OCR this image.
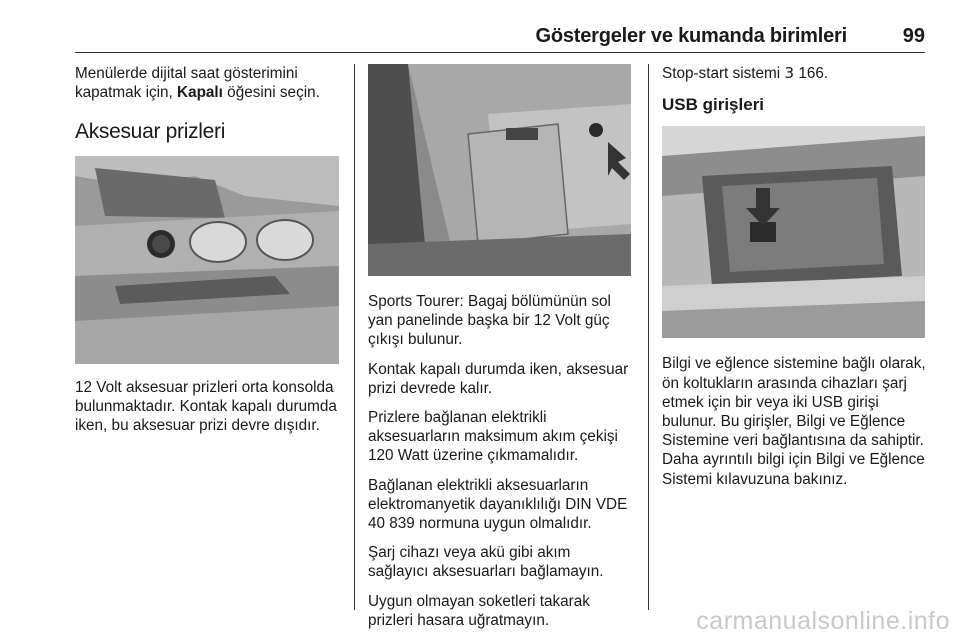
Göstergeler ve kumanda birimleri	99

Menülerde dijital saat gösterimini kapatmak için, Kapalı öğesini seçin.

Aksesuar prizleri

12 Volt aksesuar prizleri orta konsolda bulunmaktadır. Kontak kapalı durumda iken, bu aksesuar prizi devre dışıdır.

Sports Tourer: Bagaj bölümünün sol yan panelinde başka bir 12 Volt güç çıkışı bulunur.

Kontak kapalı durumda iken, aksesuar prizi devrede kalır.

Prizlere bağlanan elektrikli aksesuarların maksimum akım çekişi 120 Watt üzerine çıkmamalıdır.

Bağlanan elektrikli aksesuarların elektromanyetik dayanıklılığı DIN VDE 40 839 normuna uygun olmalıdır.

Şarj cihazı veya akü gibi akım sağlayıcı aksesuarları bağlamayın.

Uygun olmayan soketleri takarak prizleri hasara uğratmayın.

Stop-start sistemi 3 166.

USB girişleri

Bilgi ve eğlence sistemine bağlı olarak, ön koltukların arasında cihazları şarj etmek için bir veya iki USB girişi bulunur. Bu girişler, Bilgi ve Eğlence Sistemine veri bağlantısına da sahiptir. Daha ayrıntılı bilgi için Bilgi ve Eğlence Sistemi kılavuzuna bakınız.

carmanualsonline.info
